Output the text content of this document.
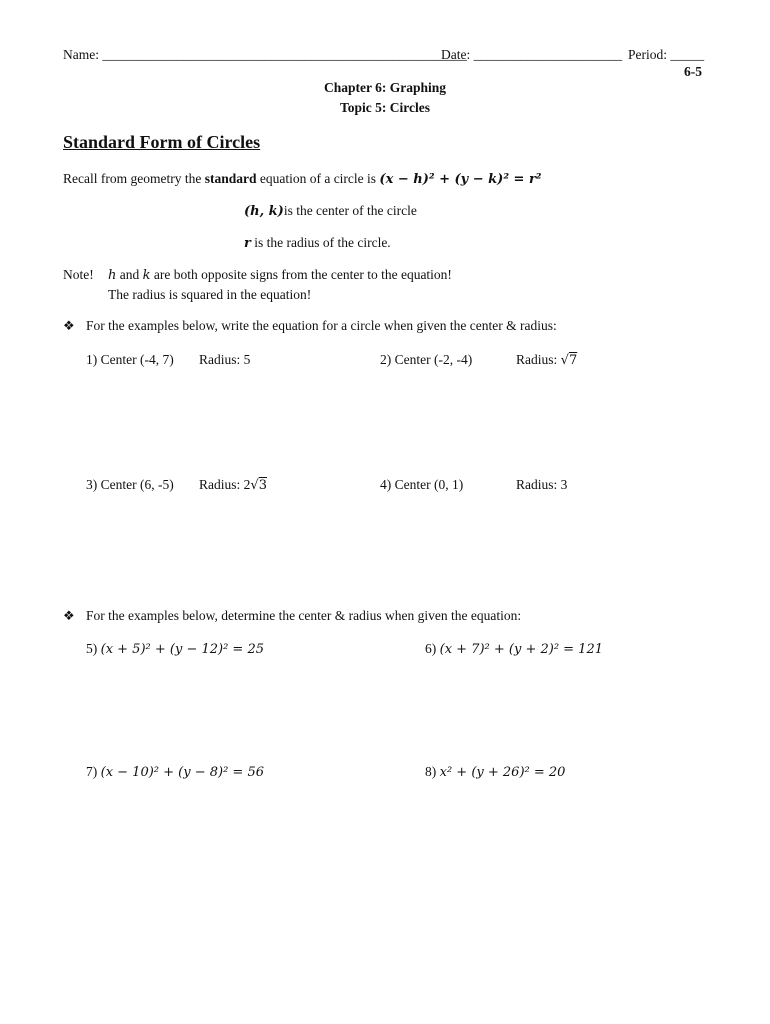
Name: ______________________________________________________
Date: ______________________ Period: _____
6-5
Chapter 6: Graphing
Topic 5: Circles
Standard Form of Circles
Recall from geometry the standard equation of a circle is (x − h)² + (y − k)² = r²
(h, k)is the center of the circle
r is the radius of the circle.
Note! h and k are both opposite signs from the center to the equation!
The radius is squared in the equation!
❖ For the examples below, write the equation for a circle when given the center & radius:
1) Center (-4, 7) Radius: 5	2) Center (-2, -4)	Radius: √7
3) Center (6, -5) Radius: 2√3	4) Center (0, 1)	Radius: 3
❖ For the examples below, determine the center & radius when given the equation:
5) (x + 5)² + (y − 12)² = 25	6) (x + 7)² + (y + 2)² = 121
7) (x − 10)² + (y − 8)² = 56	8) x² + (y + 26)² = 20
